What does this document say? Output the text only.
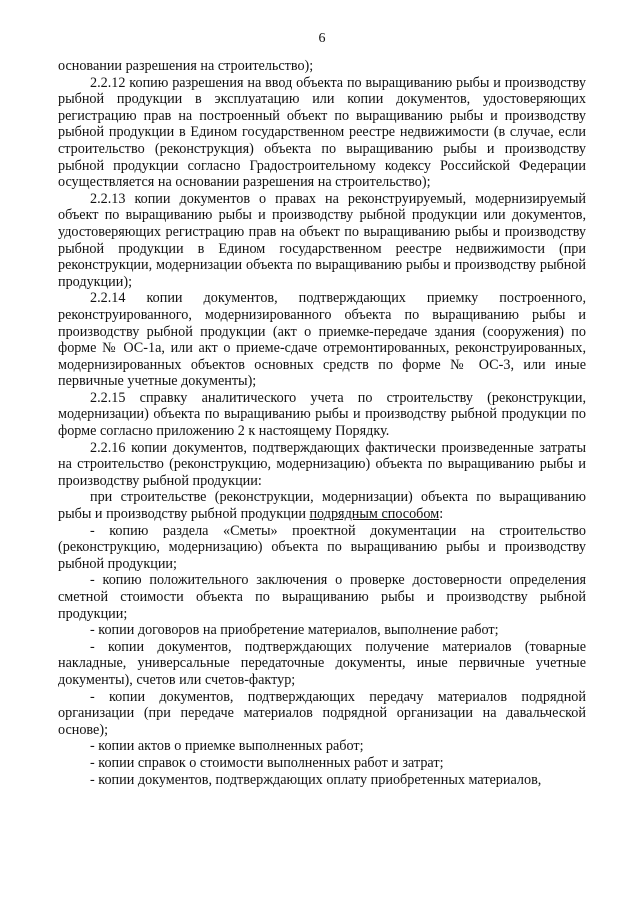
6

основании разрешения на строительство);

2.2.12 копию разрешения на ввод объекта по выращиванию рыбы и производству рыбной продукции в эксплуатацию или копии документов, удостоверяющих регистрацию прав на построенный объект по выращиванию рыбы и производству рыбной продукции в Едином государственном реестре недвижимости (в случае, если строительство (реконструкция) объекта по выращиванию рыбы и производству рыбной продукции согласно Градостроительному кодексу Российской Федерации осуществляется на основании разрешения на строительство);

2.2.13 копии документов о правах на реконструируемый, модернизируемый объект по выращиванию рыбы и производству рыбной продукции или документов, удостоверяющих регистрацию прав на объект по выращиванию рыбы и производству рыбной продукции в Едином государственном реестре недвижимости (при реконструкции, модернизации объекта по выращиванию рыбы и производству рыбной продукции);

2.2.14 копии документов, подтверждающих приемку построенного, реконструированного, модернизированного объекта по выращиванию рыбы и производству рыбной продукции (акт о приемке-передаче здания (сооружения) по форме № ОС-1а, или акт о приеме-сдаче отремонтированных, реконструированных, модернизированных объектов основных средств по форме № ОС-3, или иные первичные учетные документы);

2.2.15 справку аналитического учета по строительству (реконструкции, модернизации) объекта по выращиванию рыбы и производству рыбной продукции по форме согласно приложению 2 к настоящему Порядку.

2.2.16 копии документов, подтверждающих фактически произведенные затраты на строительство (реконструкцию, модернизацию) объекта по выращиванию рыбы и производству рыбной продукции:

при строительстве (реконструкции, модернизации) объекта по выращиванию рыбы и производству рыбной продукции подрядным способом:

- копию раздела «Сметы» проектной документации на строительство (реконструкцию, модернизацию) объекта по выращиванию рыбы и производству рыбной продукции;

- копию положительного заключения о проверке достоверности определения сметной стоимости объекта по выращиванию рыбы и производству рыбной продукции;

- копии договоров на приобретение материалов, выполнение работ;

- копии документов, подтверждающих получение материалов (товарные накладные, универсальные передаточные документы, иные первичные учетные документы), счетов или счетов-фактур;

- копии документов, подтверждающих передачу материалов подрядной организации (при передаче материалов подрядной организации на давальческой основе);

- копии актов о приемке выполненных работ;

- копии справок о стоимости выполненных работ и затрат;

- копии документов, подтверждающих оплату приобретенных материалов,
